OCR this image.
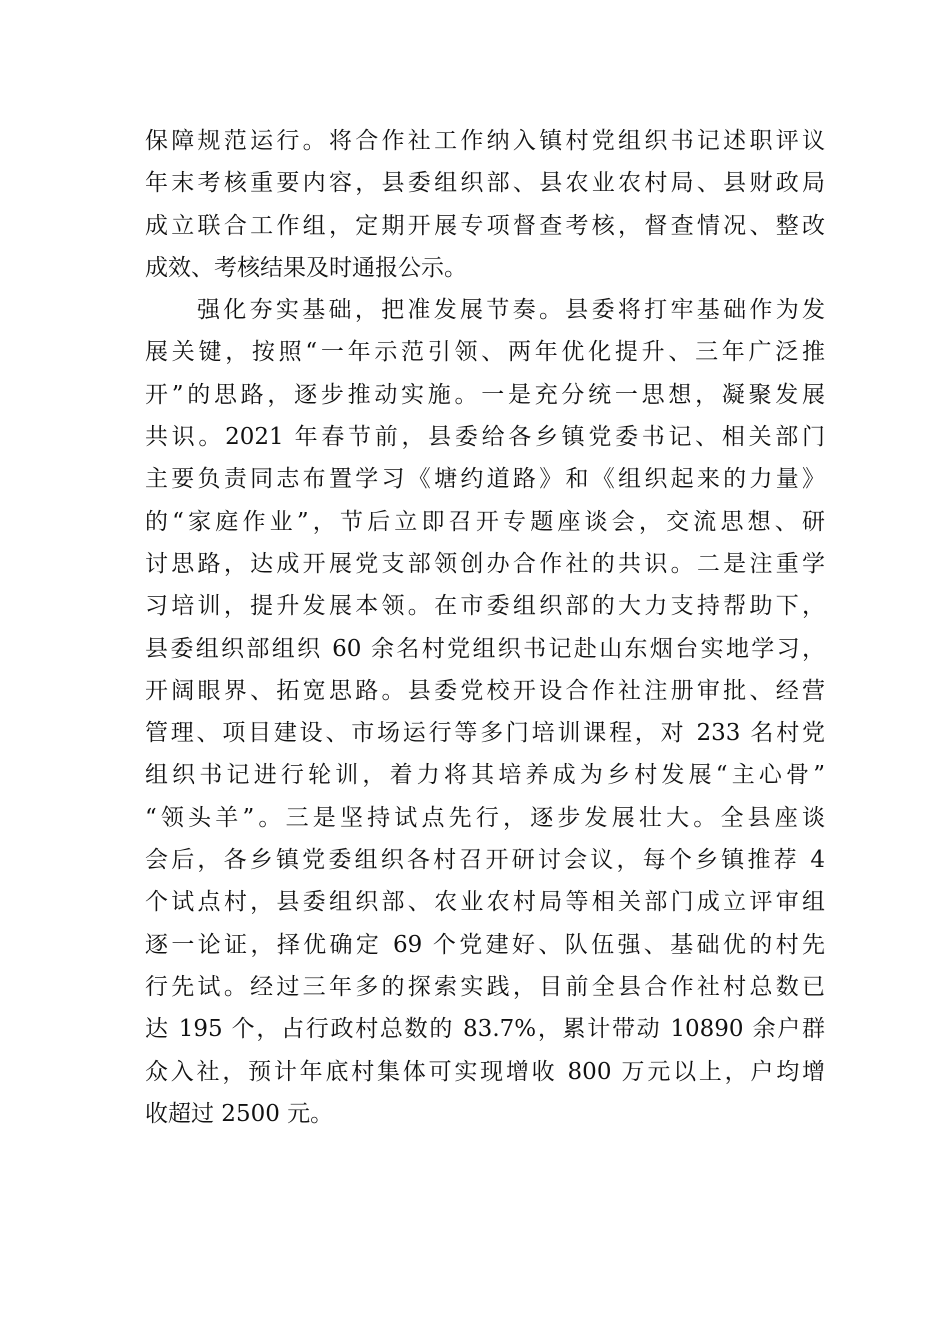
保障规范运行。将合作社工作纳入镇村党组织书记述职评议
年末考核重要内容，县委组织部、县农业农村局、县财政局
成立联合工作组，定期开展专项督查考核，督查情况、整改
成效、考核结果及时通报公示。
强化夯实基础，把准发展节奏。县委将打牢基础作为发
展关键，按照“一年示范引领、两年优化提升、三年广泛推
开”的思路，逐步推动实施。一是充分统一思想，凝聚发展
共识。2021 年春节前，县委给各乡镇党委书记、相关部门
主要负责同志布置学习《塘约道路》和《组织起来的力量》
的“家庭作业”，节后立即召开专题座谈会，交流思想、研
讨思路，达成开展党支部领创办合作社的共识。二是注重学
习培训，提升发展本领。在市委组织部的大力支持帮助下，
县委组织部组织 60 余名村党组织书记赴山东烟台实地学习，
开阔眼界、拓宽思路。县委党校开设合作社注册审批、经营
管理、项目建设、市场运行等多门培训课程，对 233 名村党
组织书记进行轮训，着力将其培养成为乡村发展“主心骨”
“领头羊”。三是坚持试点先行，逐步发展壮大。全县座谈
会后，各乡镇党委组织各村召开研讨会议，每个乡镇推荐 4
个试点村，县委组织部、农业农村局等相关部门成立评审组
逐一论证，择优确定 69 个党建好、队伍强、基础优的村先
行先试。经过三年多的探索实践，目前全县合作社村总数已
达 195 个，占行政村总数的 83.7%，累计带动 10890 余户群
众入社，预计年底村集体可实现增收 800 万元以上，户均增
收超过 2500 元。
